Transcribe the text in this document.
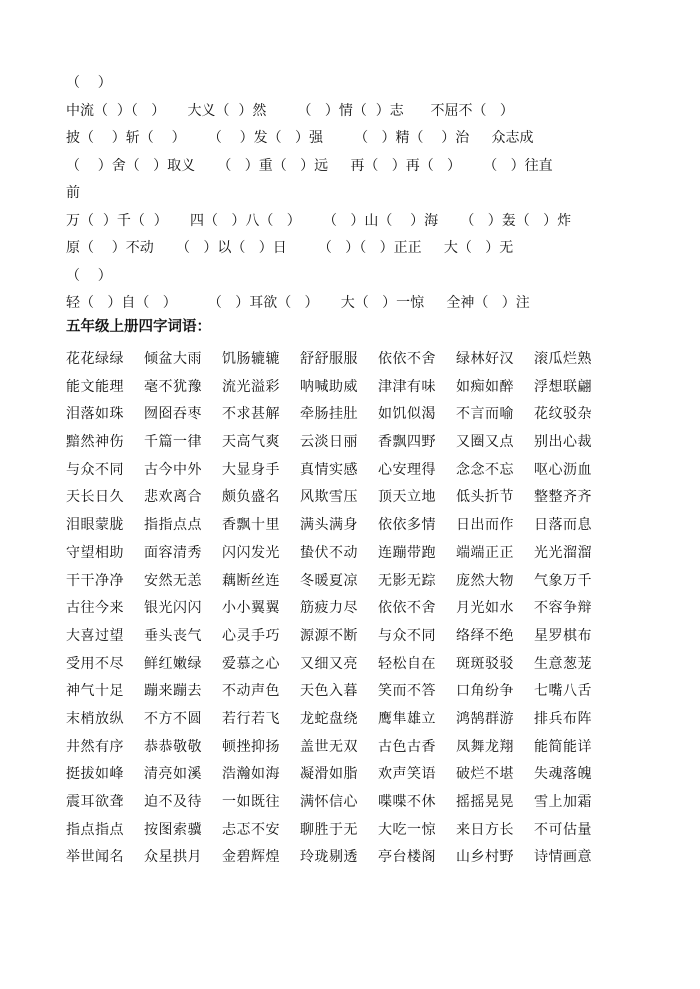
（    ）
中流（  ）（   ）     大义（  ）然       （   ）情（  ）志      不屈不（   ）
披（    ）斩（    ）     （    ）发（   ）强       （   ）精（    ）治     众志成
（    ）舍（   ）取义     （   ）重（   ）远     再（   ）再（   ）     （   ）往直
前
万（  ）千（  ）     四（   ）八（   ）     （   ）山（    ）海     （   ）轰（   ）炸
原（    ）不动     （   ）以（   ）日       （   ）（   ）正正     大（   ）无
（    ）
轻（   ）自（   ）       （   ）耳欲（   ）     大（   ）一惊     全神（   ）注
五年级上册四字词语：
花花绿绿	倾盆大雨	饥肠辘辘	舒舒服服	依依不舍	绿林好汉	滚瓜烂熟
能文能理	毫不犹豫	流光溢彩	呐喊助威	津津有味	如痴如醉	浮想联翩
泪落如珠	囫囵吞枣	不求甚解	牵肠挂肚	如饥似渴	不言而喻	花纹驳杂
黯然神伤	千篇一律	天高气爽	云淡日丽	香飘四野	又圈又点	别出心裁
与众不同	古今中外	大显身手	真情实感	心安理得	念念不忘	呕心沥血
天长日久	悲欢离合	颇负盛名	风欺雪压	顶天立地	低头折节	整整齐齐
泪眼蒙胧	指指点点	香飘十里	满头满身	依依多情	日出而作	日落而息
守望相助	面容清秀	闪闪发光	蛰伏不动	连蹦带跑	端端正正	光光溜溜
干干净净	安然无恙	藕断丝连	冬暖夏凉	无影无踪	庞然大物	气象万千
古往今来	银光闪闪	小小翼翼	筋疲力尽	依依不舍	月光如水	不容争辩
大喜过望	垂头丧气	心灵手巧	源源不断	与众不同	络绎不绝	星罗棋布
受用不尽	鲜红嫩绿	爱慕之心	又细又亮	轻松自在	斑斑驳驳	生意葱茏
神气十足	蹦来蹦去	不动声色	天色入暮	笑而不答	口角纷争	七嘴八舌
末梢放纵	不方不圆	若行若飞	龙蛇盘绕	鹰隼雄立	鸿鹄群游	排兵布阵
井然有序	恭恭敬敬	顿挫抑扬	盖世无双	古色古香	凤舞龙翔	能简能详
挺拔如峰	清亮如溪	浩瀚如海	凝滑如脂	欢声笑语	破烂不堪	失魂落魄
震耳欲聋	迫不及待	一如既往	满怀信心	喋喋不休	摇摇晃晃	雪上加霜
指点指点	按图索骥	忐忑不安	聊胜于无	大吃一惊	来日方长	不可估量
举世闻名	众星拱月	金碧辉煌	玲珑剔透	亭台楼阁	山乡村野	诗情画意
